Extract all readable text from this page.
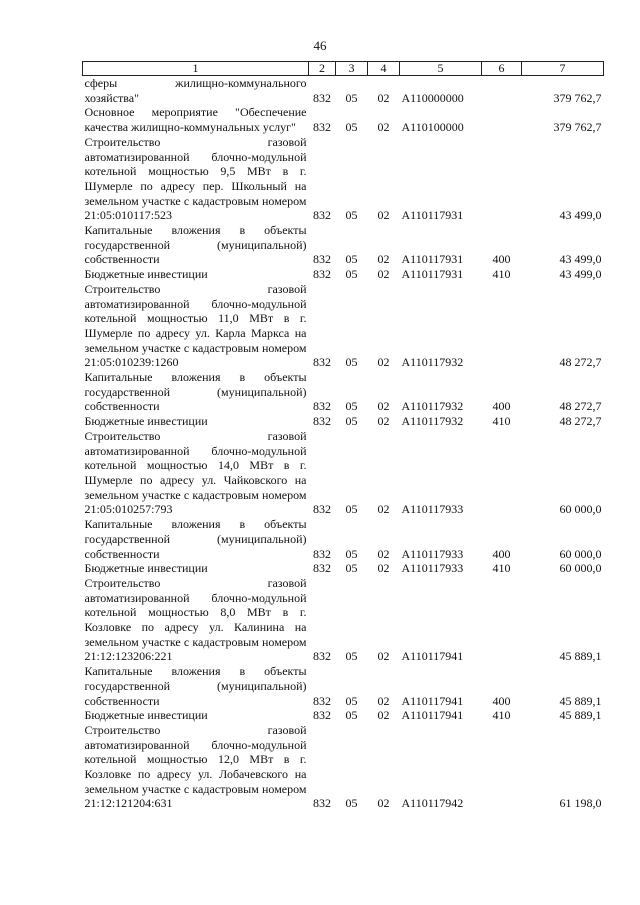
46
1	2	3	4	5	6	7
сферы жилищно-коммунального хозяйства"	832	05	02	А110000000		379 762,7
Основное мероприятие "Обеспечение качества жилищно-коммунальных услуг"	832	05	02	А110100000		379 762,7
Строительство газовой автоматизированной блочно-модульной котельной мощностью 9,5 МВт в г. Шумерле по адресу пер. Школьный на земельном участке с кадастровым номером 21:05:010117:523	832	05	02	А110117931		43 499,0
Капитальные вложения в объекты государственной (муниципальной) собственности	832	05	02	А110117931	400	43 499,0
Бюджетные инвестиции	832	05	02	А110117931	410	43 499,0
Строительство газовой автоматизированной блочно-модульной котельной мощностью 11,0 МВт в г. Шумерле по адресу ул. Карла Маркса на земельном участке с кадастровым номером 21:05:010239:1260	832	05	02	А110117932		48 272,7
Капитальные вложения в объекты государственной (муниципальной) собственности	832	05	02	А110117932	400	48 272,7
Бюджетные инвестиции	832	05	02	А110117932	410	48 272,7
Строительство газовой автоматизированной блочно-модульной котельной мощностью 14,0 МВт в г. Шумерле по адресу ул. Чайковского на земельном участке с кадастровым номером 21:05:010257:793	832	05	02	А110117933		60 000,0
Капитальные вложения в объекты государственной (муниципальной) собственности	832	05	02	А110117933	400	60 000,0
Бюджетные инвестиции	832	05	02	А110117933	410	60 000,0
Строительство газовой автоматизированной блочно-модульной котельной мощностью 8,0 МВт в г. Козловке по адресу ул. Калинина на земельном участке с кадастровым номером 21:12:123206:221	832	05	02	А110117941		45 889,1
Капитальные вложения в объекты государственной (муниципальной) собственности	832	05	02	А110117941	400	45 889,1
Бюджетные инвестиции	832	05	02	А110117941	410	45 889,1
Строительство газовой автоматизированной блочно-модульной котельной мощностью 12,0 МВт в г. Козловке по адресу ул. Лобачевского на земельном участке с кадастровым номером 21:12:121204:631	832	05	02	А110117942		61 198,0
